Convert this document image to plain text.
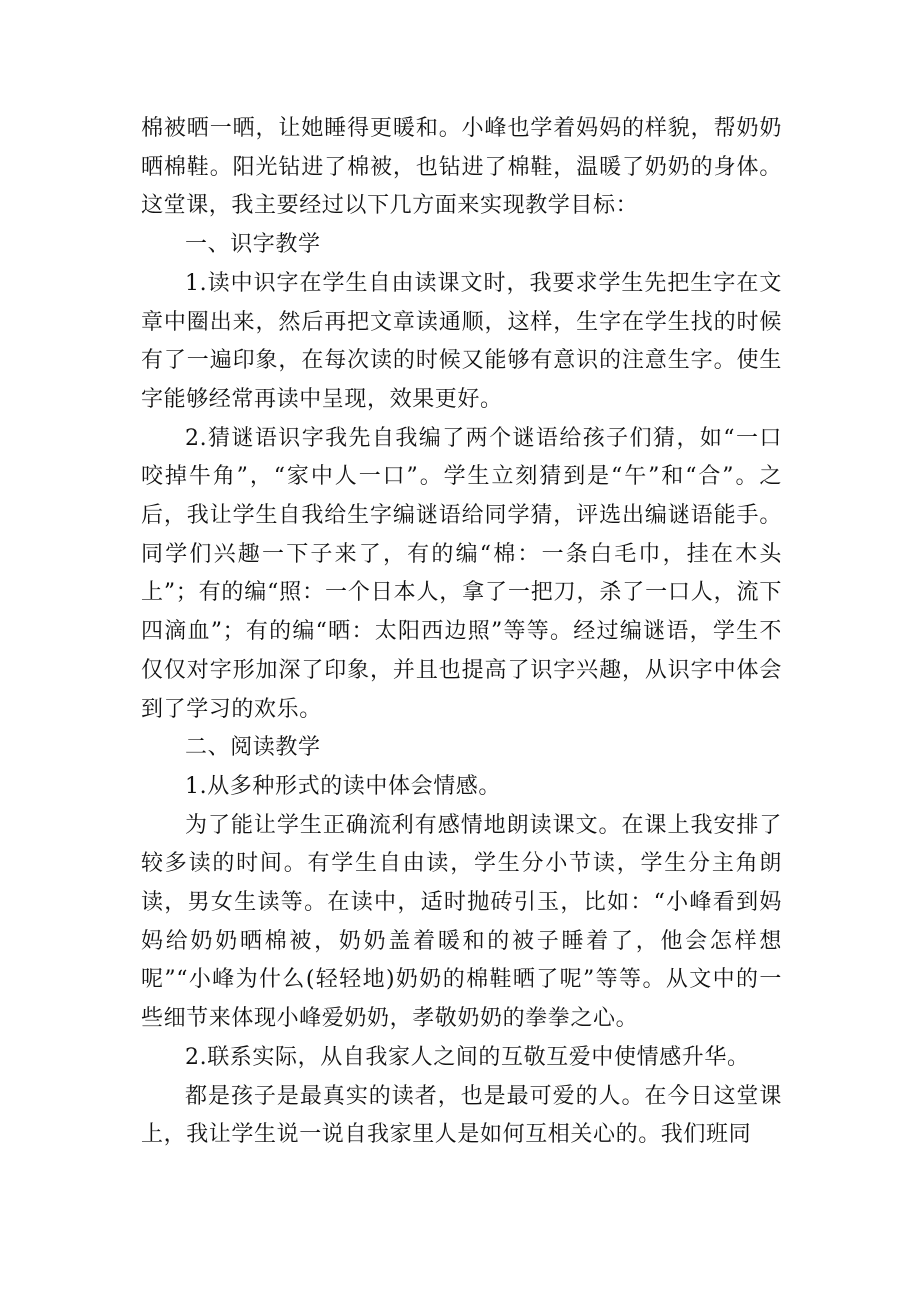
棉被晒一晒，让她睡得更暖和。小峰也学着妈妈的样貌，帮奶奶晒棉鞋。阳光钻进了棉被，也钻进了棉鞋，温暖了奶奶的身体。这堂课，我主要经过以下几方面来实现教学目标：

一、识字教学

1.读中识字在学生自由读课文时，我要求学生先把生字在文章中圈出来，然后再把文章读通顺，这样，生字在学生找的时候有了一遍印象，在每次读的时候又能够有意识的注意生字。使生字能够经常再读中呈现，效果更好。

2.猜谜语识字我先自我编了两个谜语给孩子们猜，如“一口咬掉牛角”，“家中人一口”。学生立刻猜到是“午”和“合”。之后，我让学生自我给生字编谜语给同学猜，评选出编谜语能手。同学们兴趣一下子来了，有的编“棉：一条白毛巾，挂在木头上”；有的编“照：一个日本人，拿了一把刀，杀了一口人，流下四滴血”；有的编“晒：太阳西边照”等等。经过编谜语，学生不仅仅对字形加深了印象，并且也提高了识字兴趣，从识字中体会到了学习的欢乐。

二、阅读教学

1.从多种形式的读中体会情感。

为了能让学生正确流利有感情地朗读课文。在课上我安排了较多读的时间。有学生自由读，学生分小节读，学生分主角朗读，男女生读等。在读中，适时抛砖引玉，比如：“小峰看到妈妈给奶奶晒棉被，奶奶盖着暖和的被子睡着了，他会怎样想呢”“小峰为什么(轻轻地)奶奶的棉鞋晒了呢”等等。从文中的一些细节来体现小峰爱奶奶，孝敬奶奶的拳拳之心。

2.联系实际，从自我家人之间的互敬互爱中使情感升华。

都是孩子是最真实的读者，也是最可爱的人。在今日这堂课上，我让学生说一说自我家里人是如何互相关心的。我们班同
